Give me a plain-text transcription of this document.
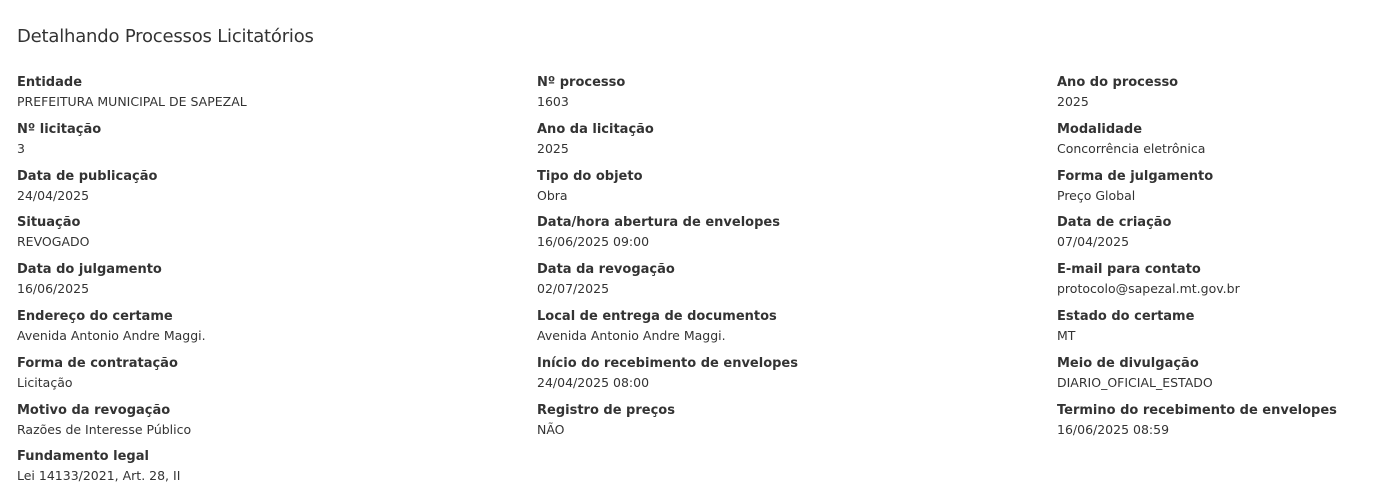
Detalhando Processos Licitatórios
Entidade
PREFEITURA MUNICIPAL DE SAPEZAL
Nº processo
1603
Ano do processo
2025
Nº licitação
3
Ano da licitação
2025
Modalidade
Concorrência eletrônica
Data de publicação
24/04/2025
Tipo do objeto
Obra
Forma de julgamento
Preço Global
Situação
REVOGADO
Data/hora abertura de envelopes
16/06/2025 09:00
Data de criação
07/04/2025
Data do julgamento
16/06/2025
Data da revogação
02/07/2025
E-mail para contato
protocolo@sapezal.mt.gov.br
Endereço do certame
Avenida Antonio Andre Maggi.
Local de entrega de documentos
Avenida Antonio Andre Maggi.
Estado do certame
MT
Forma de contratação
Licitação
Início do recebimento de envelopes
24/04/2025 08:00
Meio de divulgação
DIARIO_OFICIAL_ESTADO
Motivo da revogação
Razões de Interesse Público
Registro de preços
NÃO
Termino do recebimento de envelopes
16/06/2025 08:59
Fundamento legal
Lei 14133/2021, Art. 28, II
